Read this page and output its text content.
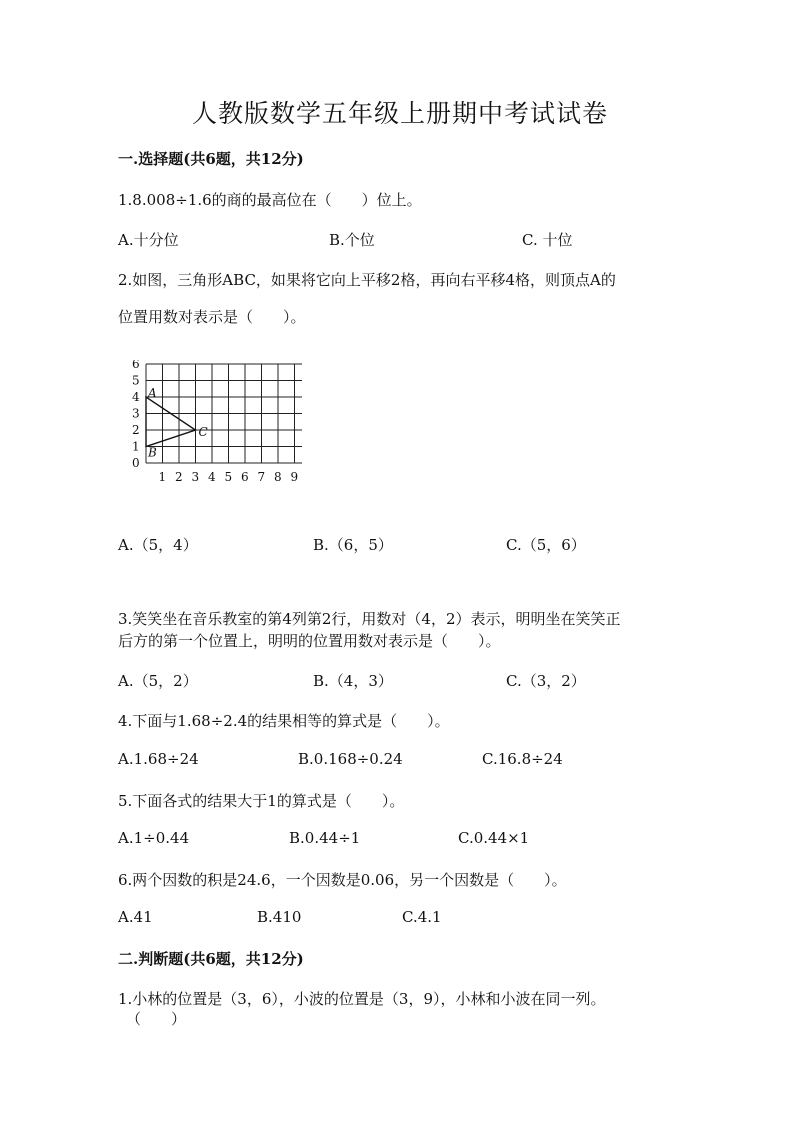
人教版数学五年级上册期中考试试卷
一.选择题(共6题，共12分)
1.8.008÷1.6的商的最高位在（　　）位上。
A.十分位	B.个位	C. 十位
2.如图，三角形ABC，如果将它向上平移2格，再向右平移4格，则顶点A的
位置用数对表示是（　　）。
6
5
4
3
2
1
0
1 2 3 4 5 6 7 8 9
A
B
C
A.（5，4）	B.（6，5）	C.（5，6）
3.笑笑坐在音乐教室的第4列第2行，用数对（4，2）表示，明明坐在笑笑正
后方的第一个位置上，明明的位置用数对表示是（　　）。
A.（5，2）	B.（4，3）	C.（3，2）
4.下面与1.68÷2.4的结果相等的算式是（　　）。
A.1.68÷24	B.0.168÷0.24	C.16.8÷24
5.下面各式的结果大于1的算式是（　　）。
A.1÷0.44	B.0.44÷1	C.0.44×1
6.两个因数的积是24.6，一个因数是0.06，另一个因数是（　　）。
A.41	B.410	C.4.1
二.判断题(共6题，共12分)
1.小林的位置是（3，6），小波的位置是（3，9），小林和小波在同一列。
（　　）
